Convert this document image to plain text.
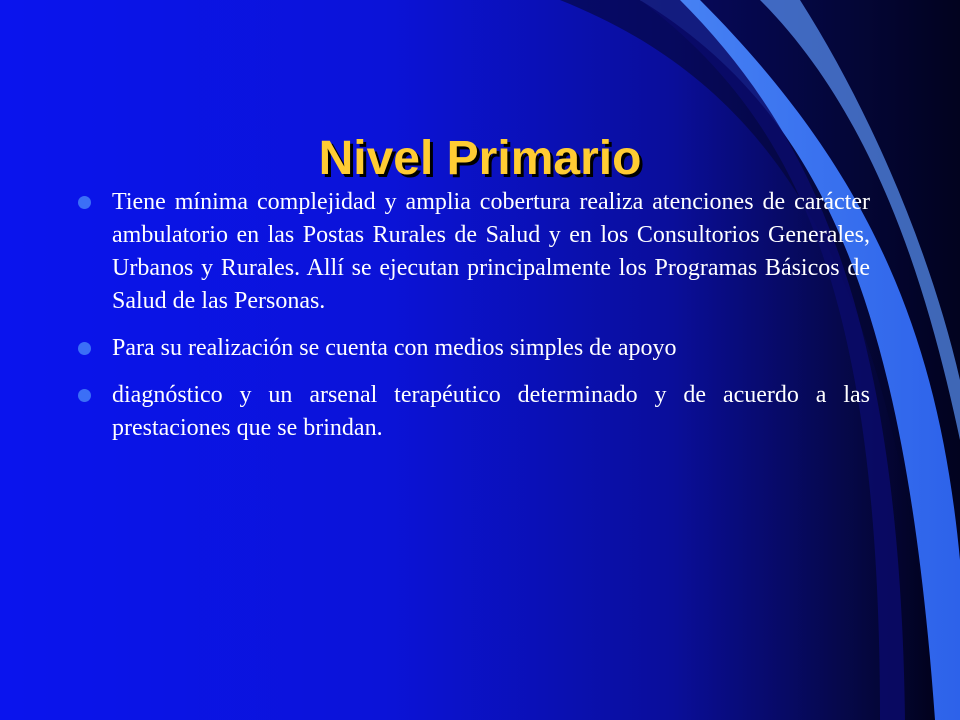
Nivel Primario
Tiene mínima complejidad y amplia cobertura realiza atenciones de carácter ambulatorio en las Postas Rurales de Salud y en los Consultorios Generales, Urbanos y Rurales. Allí se ejecutan principalmente los Programas Básicos de Salud de las Personas.
Para su realización se cuenta con medios simples de apoyo
diagnóstico y un arsenal terapéutico determinado y de acuerdo a las prestaciones que se brindan.
